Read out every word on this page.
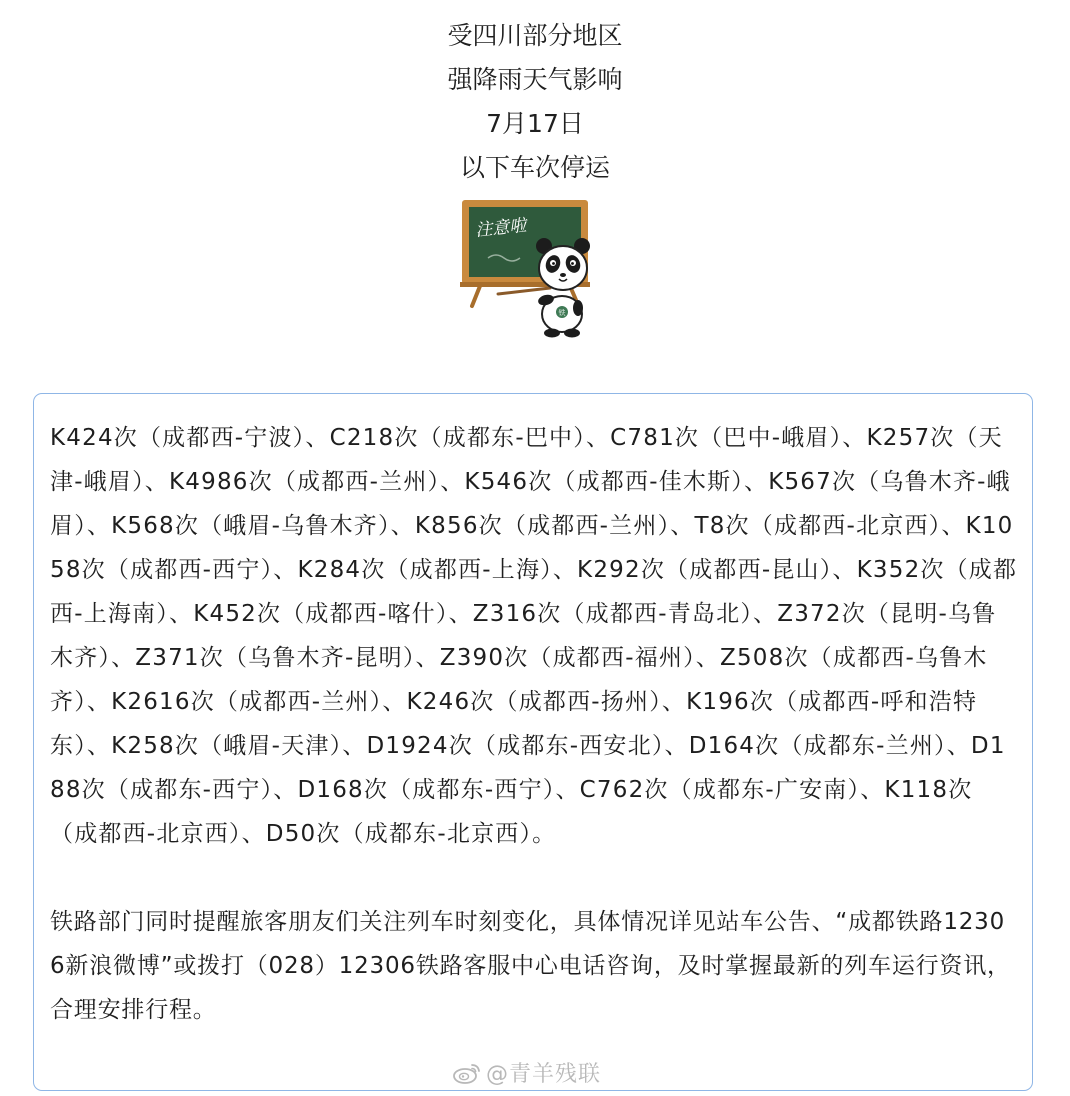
受四川部分地区
强降雨天气影响
7月17日
以下车次停运
注意啦
铁

K424次（成都西-宁波）、C218次（成都东-巴中）、C781次（巴中-峨眉）、K257次（天津-峨眉）、K4986次（成都西-兰州）、K546次（成都西-佳木斯）、K567次（乌鲁木齐-峨眉）、K568次（峨眉-乌鲁木齐）、K856次（成都西-兰州）、T8次（成都西-北京西）、K1058次（成都西-西宁）、K284次（成都西-上海）、K292次（成都西-昆山）、K352次（成都西-上海南）、K452次（成都西-喀什）、Z316次（成都西-青岛北）、Z372次（昆明-乌鲁木齐）、Z371次（乌鲁木齐-昆明）、Z390次（成都西-福州）、Z508次（成都西-乌鲁木齐）、K2616次（成都西-兰州）、K246次（成都西-扬州）、K196次（成都西-呼和浩特东）、K258次（峨眉-天津）、D1924次（成都东-西安北）、D164次（成都东-兰州）、D188次（成都东-西宁）、D168次（成都东-西宁）、C762次（成都东-广安南）、K118次（成都西-北京西）、D50次（成都东-北京西）。

铁路部门同时提醒旅客朋友们关注列车时刻变化，具体情况详见站车公告、“成都铁路12306新浪微博”或拨打（028）12306铁路客服中心电话咨询，及时掌握最新的列车运行资讯，合理安排行程。

@青羊残联
